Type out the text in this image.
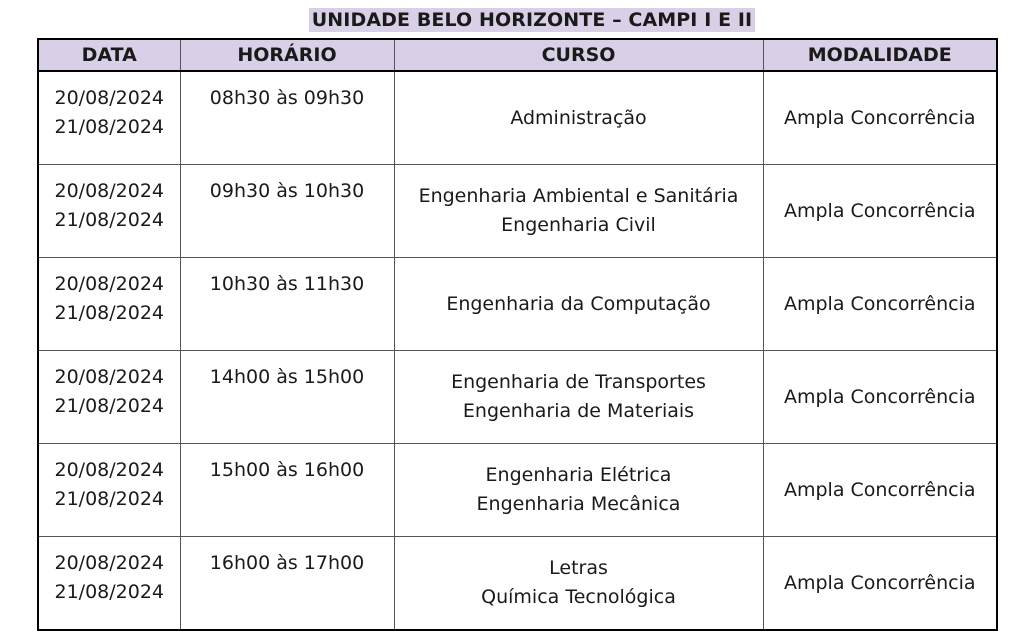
UNIDADE BELO HORIZONTE – CAMPI I E II
DATA	HORÁRIO	CURSO	MODALIDADE

20/08/2024
21/08/2024	08h30 às 09h30	Administração	Ampla Concorrência

20/08/2024
21/08/2024	09h30 às 10h30	Engenharia Ambiental e Sanitária
Engenharia Civil	Ampla Concorrência

20/08/2024
21/08/2024	10h30 às 11h30	Engenharia da Computação	Ampla Concorrência

20/08/2024
21/08/2024	14h00 às 15h00	Engenharia de Transportes
Engenharia de Materiais	Ampla Concorrência

20/08/2024
21/08/2024	15h00 às 16h00	Engenharia Elétrica
Engenharia Mecânica	Ampla Concorrência

20/08/2024
21/08/2024	16h00 às 17h00	Letras
Química Tecnológica	Ampla Concorrência
